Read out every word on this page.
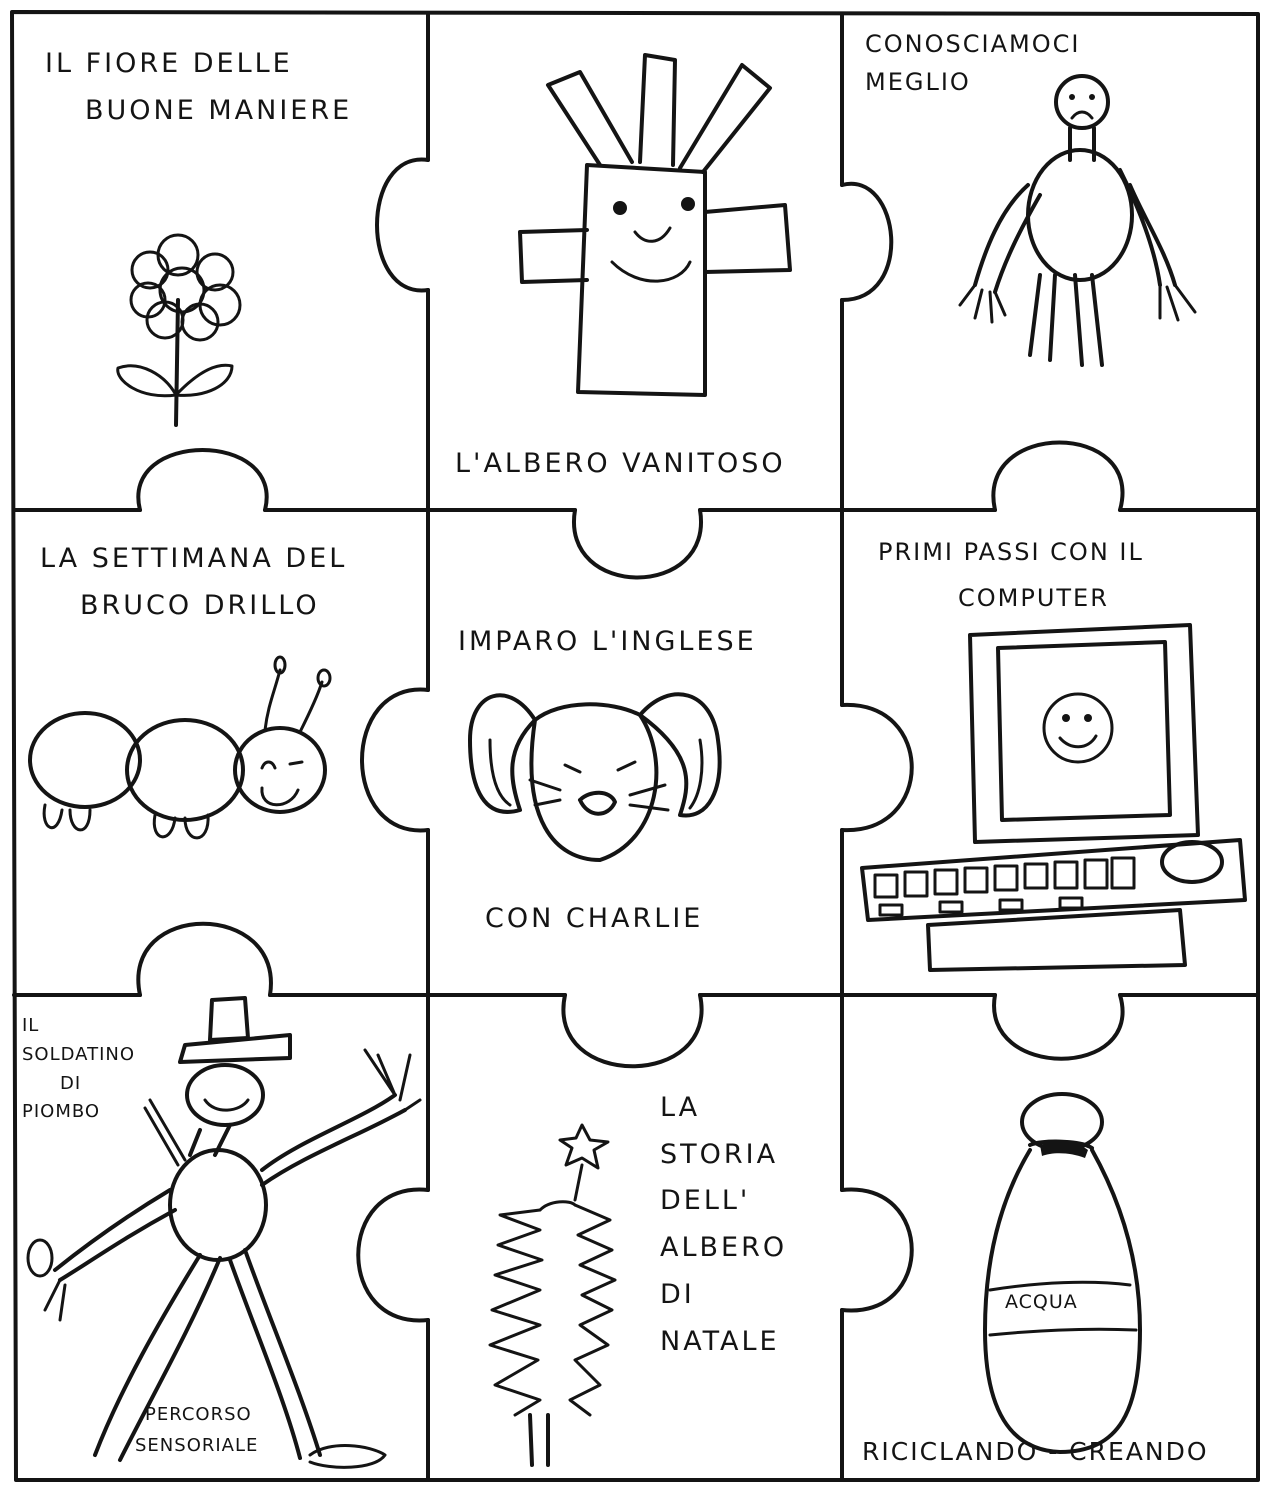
IL FIORE DELLE
BUONE MANIERE
L'ALBERO VANITOSO
CONOSCIAMOCI
MEGLIO
LA SETTIMANA DEL
BRUCO DRILLO
IMPARO L'INGLESE
CON CHARLIE
PRIMI PASSI CON IL
COMPUTER
IL
SOLDATINO
DI
PIOMBO
PERCORSO
SENSORIALE
LA
STORIA
DELL'
ALBERO
DI
NATALE
ACQUA
RICICLANDO - CREANDO
